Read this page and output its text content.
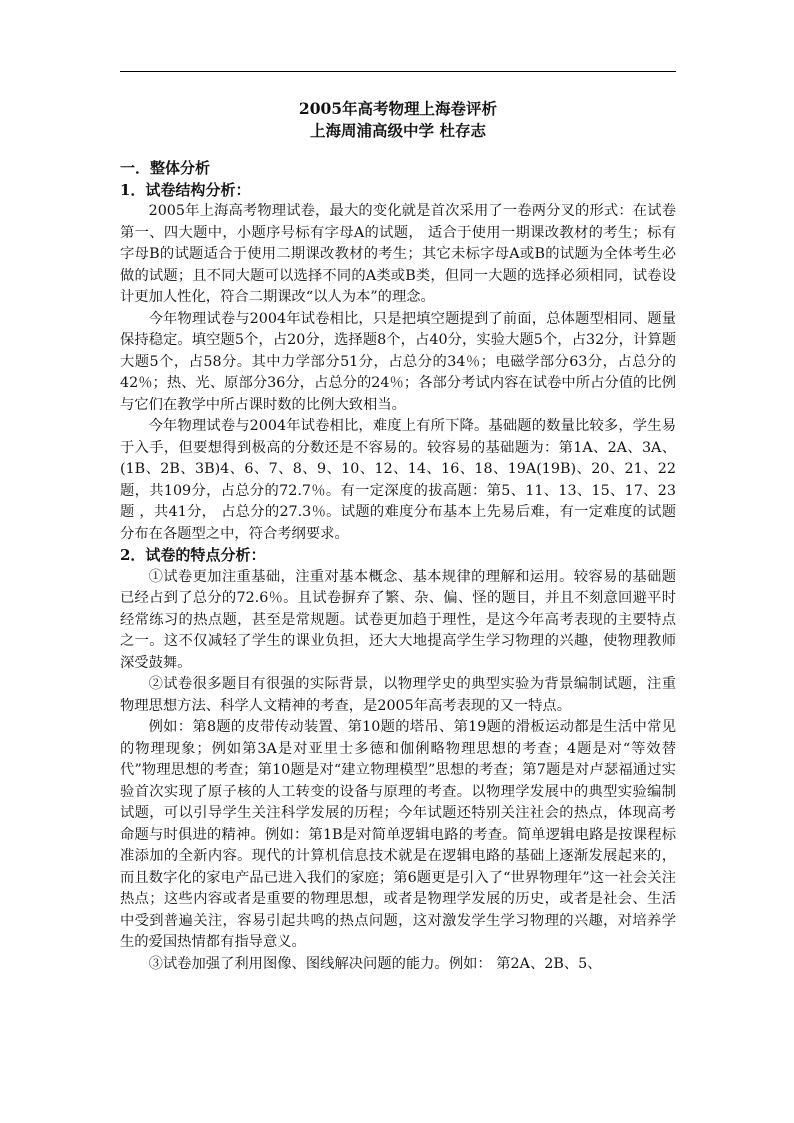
2005年高考物理上海卷评析

上海周浦高级中学 杜存志

一．整体分析

1．试卷结构分析：

2005年上海高考物理试卷，最大的变化就是首次采用了一卷两分叉的形式：在试卷第一、四大题中，小题序号标有字母A的试题， 适合于使用一期课改教材的考生；标有字母B的试题适合于使用二期课改教材的考生；其它未标字母A或B的试题为全体考生必做的试题；且不同大题可以选择不同的A类或B类，但同一大题的选择必须相同，试卷设计更加人性化，符合二期课改“以人为本”的理念。

今年物理试卷与2004年试卷相比，只是把填空题提到了前面，总体题型相同、题量保持稳定。填空题5个，占20分，选择题8个，占40分，实验大题5个，占32分，计算题大题5个，占58分。其中力学部分51分，占总分的34％；电磁学部分63分，占总分的42％；热、光、原部分36分，占总分的24％；各部分考试内容在试卷中所占分值的比例与它们在教学中所占课时数的比例大致相当。

今年物理试卷与2004年试卷相比，难度上有所下降。基础题的数量比较多，学生易于入手，但要想得到极高的分数还是不容易的。较容易的基础题为：第1A、2A、3A、(1B、2B、3B)4、6、7、8、9、10、12、14、16、18、19A(19B)、20、21、22题，共109分，占总分的72.7％。有一定深度的拔高题：第5、11、13、15、17、23题 ，共41分， 占总分的27.3％。试题的难度分布基本上先易后难，有一定难度的试题分布在各题型之中，符合考纲要求。

2．试卷的特点分析：

①试卷更加注重基础，注重对基本概念、基本规律的理解和运用。较容易的基础题已经占到了总分的72.6％。且试卷摒弃了繁、杂、偏、怪的题目，并且不刻意回避平时经常练习的热点题，甚至是常规题。试卷更加趋于理性，是这今年高考表现的主要特点之一。这不仅减轻了学生的课业负担，还大大地提高学生学习物理的兴趣，使物理教师深受鼓舞。

②试卷很多题目有很强的实际背景，以物理学史的典型实验为背景编制试题，注重物理思想方法、科学人文精神的考查，是2005年高考表现的又一特点。

例如：第8题的皮带传动装置、第10题的塔吊、第19题的滑板运动都是生活中常见的物理现象；例如第3A是对亚里士多德和伽俐略物理思想的考查；4题是对“等效替代”物理思想的考查；第10题是对“建立物理模型”思想的考查；第7题是对卢瑟福通过实验首次实现了原子核的人工转变的设备与原理的考查。以物理学发展中的典型实验编制试题，可以引导学生关注科学发展的历程；今年试题还特别关注社会的热点，体现高考命题与时俱进的精神。例如：第1B是对简单逻辑电路的考查。简单逻辑电路是按课程标准添加的全新内容。现代的计算机信息技术就是在逻辑电路的基础上逐渐发展起来的，而且数字化的家电产品已进入我们的家庭；第6题更是引入了“世界物理年”这一社会关注热点；这些内容或者是重要的物理思想，或者是物理学发展的历史，或者是社会、生活中受到普遍关注，容易引起共鸣的热点问题，这对激发学生学习物理的兴趣，对培养学生的爱国热情都有指导意义。

③试卷加强了利用图像、图线解决问题的能力。例如： 第2A、2B、5、
